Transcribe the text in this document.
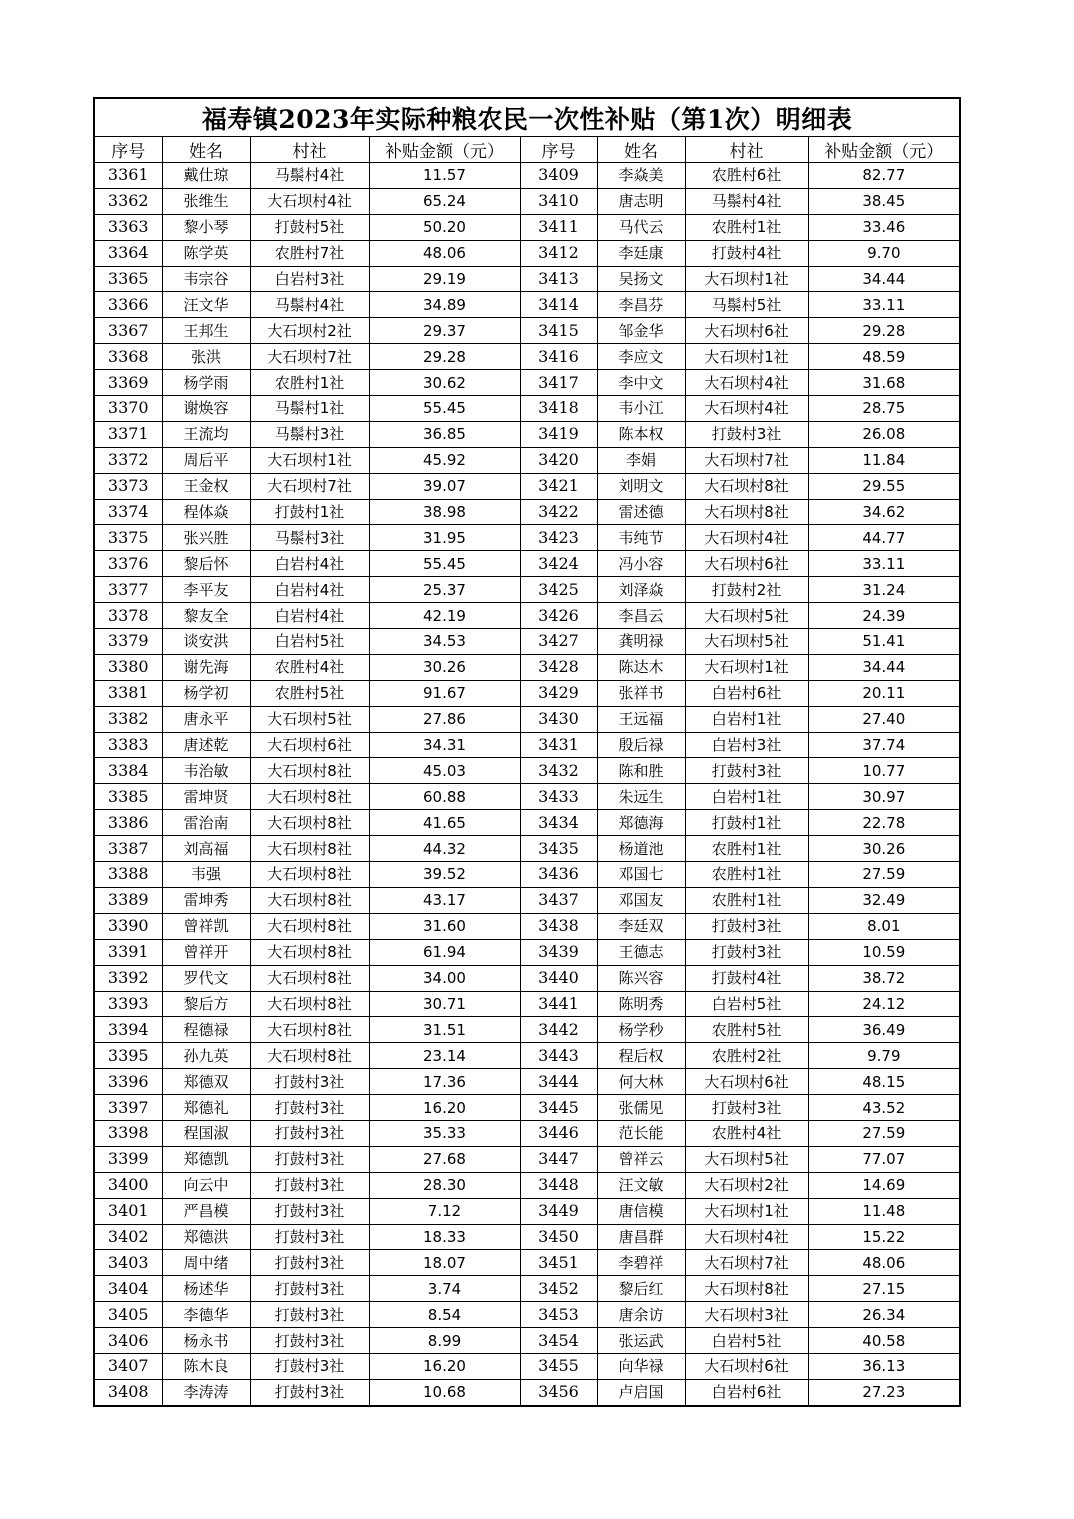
福寿镇2023年实际种粮农民一次性补贴（第1次）明细表							
序号	姓名	村社	补贴金额（元）	序号	姓名	村社	补贴金额（元）
3361	戴仕琼	马鬃村4社	11.57	3409	李焱美	农胜村6社	82.77
3362	张维生	大石坝村4社	65.24	3410	唐志明	马鬃村4社	38.45
3363	黎小琴	打鼓村5社	50.20	3411	马代云	农胜村1社	33.46
3364	陈学英	农胜村7社	48.06	3412	李廷康	打鼓村4社	9.70
3365	韦宗谷	白岩村3社	29.19	3413	吴扬文	大石坝村1社	34.44
3366	汪文华	马鬃村4社	34.89	3414	李昌芬	马鬃村5社	33.11
3367	王邦生	大石坝村2社	29.37	3415	邹金华	大石坝村6社	29.28
3368	张洪	大石坝村7社	29.28	3416	李应文	大石坝村1社	48.59
3369	杨学雨	农胜村1社	30.62	3417	李中文	大石坝村4社	31.68
3370	谢焕容	马鬃村1社	55.45	3418	韦小江	大石坝村4社	28.75
3371	王流均	马鬃村3社	36.85	3419	陈本权	打鼓村3社	26.08
3372	周后平	大石坝村1社	45.92	3420	李娟	大石坝村7社	11.84
3373	王金权	大石坝村7社	39.07	3421	刘明文	大石坝村8社	29.55
3374	程体焱	打鼓村1社	38.98	3422	雷述德	大石坝村8社	34.62
3375	张兴胜	马鬃村3社	31.95	3423	韦纯节	大石坝村4社	44.77
3376	黎后怀	白岩村4社	55.45	3424	冯小容	大石坝村6社	33.11
3377	李平友	白岩村4社	25.37	3425	刘泽焱	打鼓村2社	31.24
3378	黎友全	白岩村4社	42.19	3426	李昌云	大石坝村5社	24.39
3379	谈安洪	白岩村5社	34.53	3427	龚明禄	大石坝村5社	51.41
3380	谢先海	农胜村4社	30.26	3428	陈达木	大石坝村1社	34.44
3381	杨学初	农胜村5社	91.67	3429	张祥书	白岩村6社	20.11
3382	唐永平	大石坝村5社	27.86	3430	王远福	白岩村1社	27.40
3383	唐述乾	大石坝村6社	34.31	3431	殷后禄	白岩村3社	37.74
3384	韦治敏	大石坝村8社	45.03	3432	陈和胜	打鼓村3社	10.77
3385	雷坤贤	大石坝村8社	60.88	3433	朱远生	白岩村1社	30.97
3386	雷治南	大石坝村8社	41.65	3434	郑德海	打鼓村1社	22.78
3387	刘高福	大石坝村8社	44.32	3435	杨道池	农胜村1社	30.26
3388	韦强	大石坝村8社	39.52	3436	邓国七	农胜村1社	27.59
3389	雷坤秀	大石坝村8社	43.17	3437	邓国友	农胜村1社	32.49
3390	曾祥凯	大石坝村8社	31.60	3438	李廷双	打鼓村3社	8.01
3391	曾祥开	大石坝村8社	61.94	3439	王德志	打鼓村3社	10.59
3392	罗代文	大石坝村8社	34.00	3440	陈兴容	打鼓村4社	38.72
3393	黎后方	大石坝村8社	30.71	3441	陈明秀	白岩村5社	24.12
3394	程德禄	大石坝村8社	31.51	3442	杨学秒	农胜村5社	36.49
3395	孙九英	大石坝村8社	23.14	3443	程后权	农胜村2社	9.79
3396	郑德双	打鼓村3社	17.36	3444	何大林	大石坝村6社	48.15
3397	郑德礼	打鼓村3社	16.20	3445	张儒见	打鼓村3社	43.52
3398	程国淑	打鼓村3社	35.33	3446	范长能	农胜村4社	27.59
3399	郑德凯	打鼓村3社	27.68	3447	曾祥云	大石坝村5社	77.07
3400	向云中	打鼓村3社	28.30	3448	汪文敏	大石坝村2社	14.69
3401	严昌模	打鼓村3社	7.12	3449	唐信模	大石坝村1社	11.48
3402	郑德洪	打鼓村3社	18.33	3450	唐昌群	大石坝村4社	15.22
3403	周中绪	打鼓村3社	18.07	3451	李碧祥	大石坝村7社	48.06
3404	杨述华	打鼓村3社	3.74	3452	黎后红	大石坝村8社	27.15
3405	李德华	打鼓村3社	8.54	3453	唐余访	大石坝村3社	26.34
3406	杨永书	打鼓村3社	8.99	3454	张运武	白岩村5社	40.58
3407	陈木良	打鼓村3社	16.20	3455	向华禄	大石坝村6社	36.13
3408	李涛涛	打鼓村3社	10.68	3456	卢启国	白岩村6社	27.23
